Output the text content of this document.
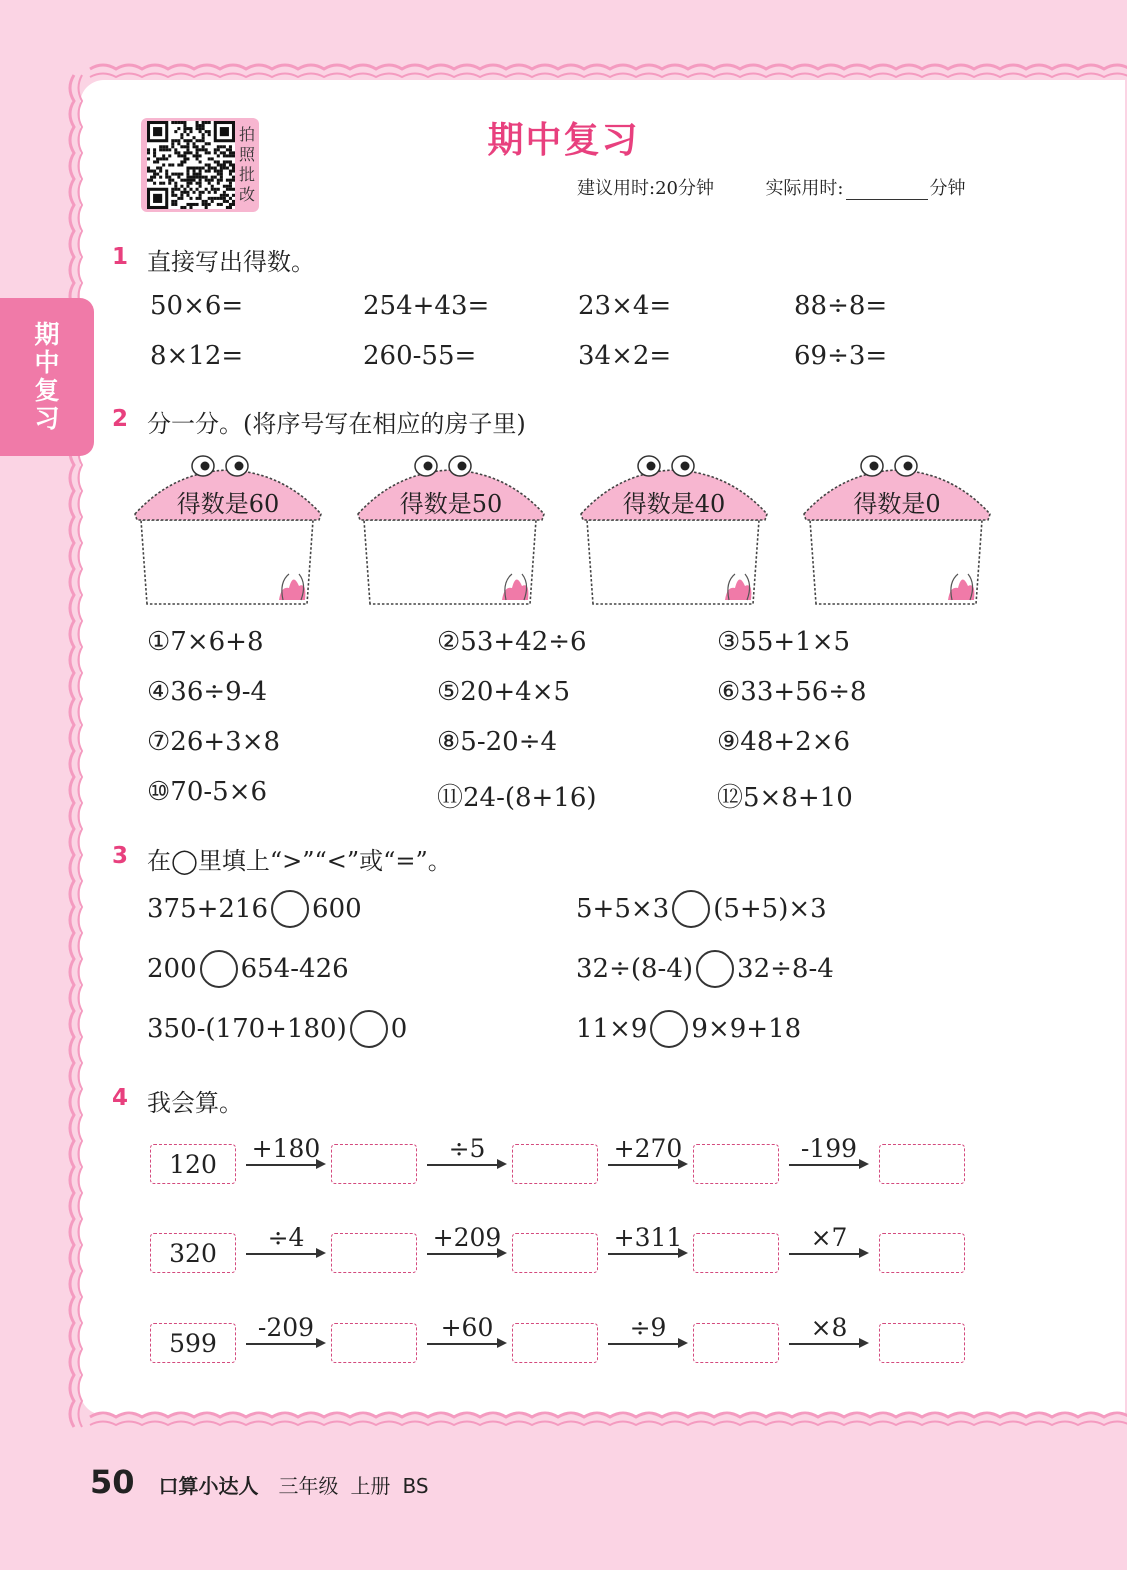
期
中
复
习
拍
照
批
改
期中复习
建议用时:20分钟	实际用时:	分钟
1 直接写出得数。
50×6=	254+43=	23×4=	88÷8=
8×12=	260-55=	34×2=	69÷3=
2 分一分。(将序号写在相应的房子里)
得数是60	得数是50	得数是40	得数是0
①7×6+8	②53+42÷6	③55+1×5
④36÷9-4	⑤20+4×5	⑥33+56÷8
⑦26+3×8	⑧5-20÷4	⑨48+2×6
⑩70-5×6	⑪24-(8+16)	⑫5×8+10
3 在◯里填上“>”“<”或“=”。
375+216 600	5+5×3 (5+5)×3
200 654-426	32÷(8-4) 32÷8-4
350-(170+180) 0	11×9 9×9+18
4 我会算。
120
+180	÷5	+270	-199
320
÷4	+209	+311	×7
599
-209	+60	÷9	×8
50 口算小达人 三年级 上册 BS
